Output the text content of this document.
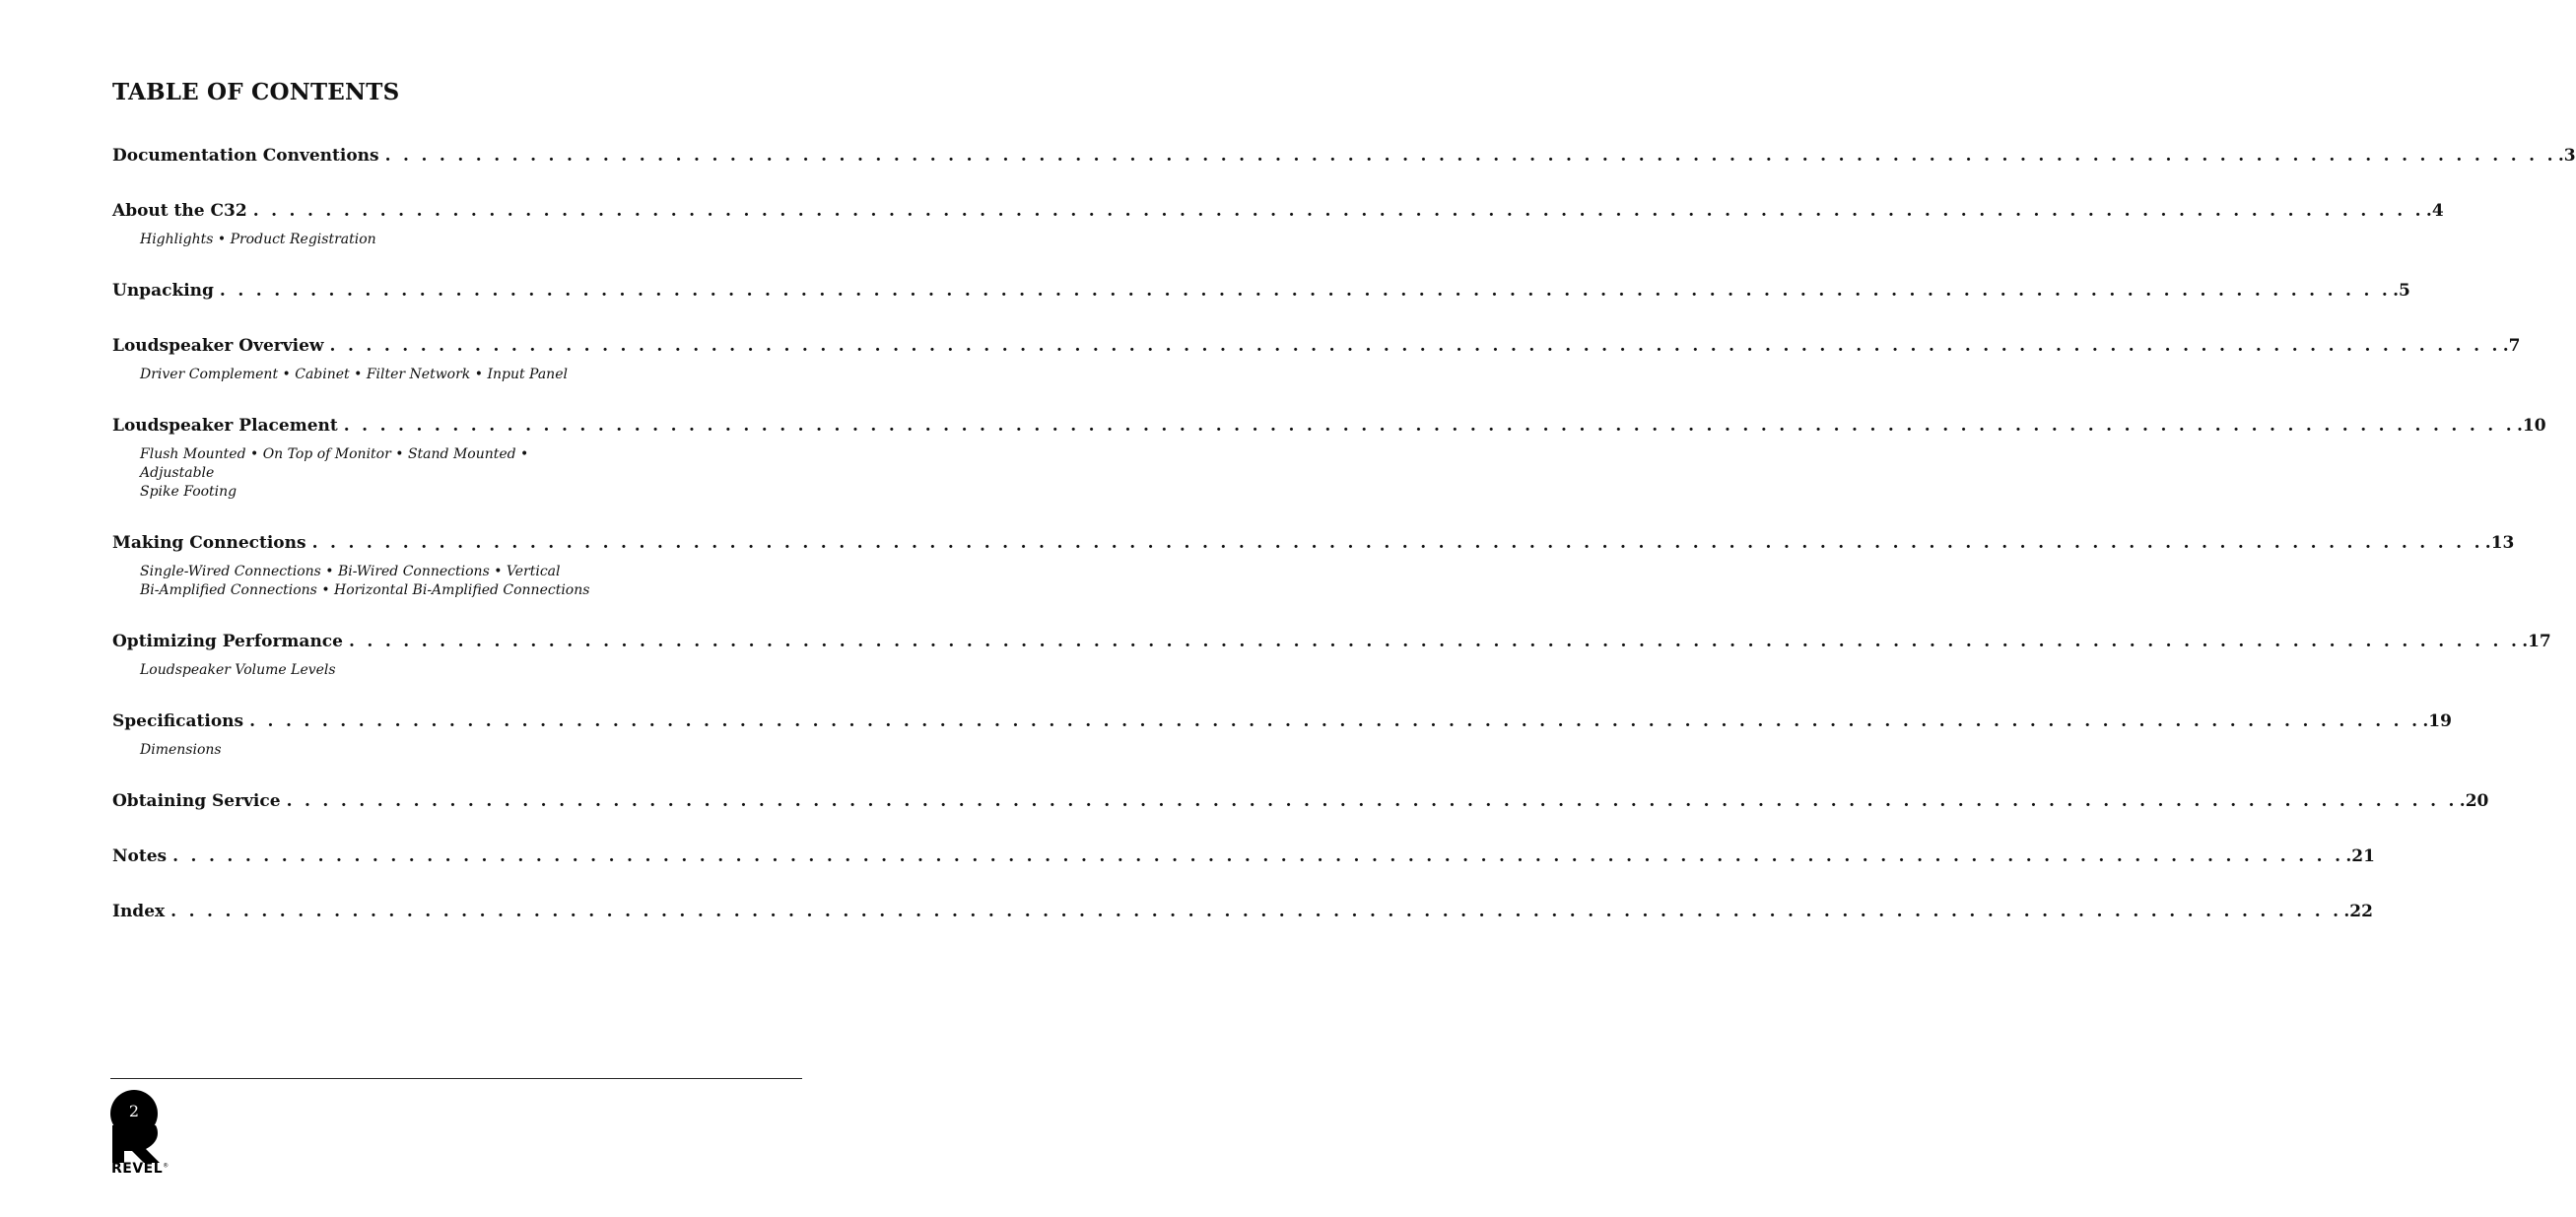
TABLE OF CONTENTS
Documentation Conventions . . . . . . . . . . . . . . . . . . . . . . . . . . . . . . . . . . . . . . . . . . . . . . . . . . . . . . . . . . . . . . . . . . . . . . . . . . . . . . . . . . . . . . . . . . . . . . . . . . . . . . . . . . . . . . . . . . . . . . . . .3
About the C32 . . . . . . . . . . . . . . . . . . . . . . . . . . . . . . . . . . . . . . . . . . . . . . . . . . . . . . . . . . . . . . . . . . . . . . . . . . . . . . . . . . . . . . . . . . . . . . . . . . . . . . . . . . . . . . . . . . . . . . . . .4
Highlights • Product Registration
Unpacking . . . . . . . . . . . . . . . . . . . . . . . . . . . . . . . . . . . . . . . . . . . . . . . . . . . . . . . . . . . . . . . . . . . . . . . . . . . . . . . . . . . . . . . . . . . . . . . . . . . . . . . . . . . . . . . . . . . . . . . . .5
Loudspeaker Overview . . . . . . . . . . . . . . . . . . . . . . . . . . . . . . . . . . . . . . . . . . . . . . . . . . . . . . . . . . . . . . . . . . . . . . . . . . . . . . . . . . . . . . . . . . . . . . . . . . . . . . . . . . . . . . . . . . . . . . . . .7
Driver Complement • Cabinet • Filter Network • Input Panel
Loudspeaker Placement . . . . . . . . . . . . . . . . . . . . . . . . . . . . . . . . . . . . . . . . . . . . . . . . . . . . . . . . . . . . . . . . . . . . . . . . . . . . . . . . . . . . . . . . . . . . . . . . . . . . . . . . . . . . . . . . . . . . . . . . .10
Flush Mounted • On Top of Monitor • Stand Mounted • Adjustable
Spike Footing
Making Connections . . . . . . . . . . . . . . . . . . . . . . . . . . . . . . . . . . . . . . . . . . . . . . . . . . . . . . . . . . . . . . . . . . . . . . . . . . . . . . . . . . . . . . . . . . . . . . . . . . . . . . . . . . . . . . . . . . . . . . . . .13
Single-Wired Connections • Bi-Wired Connections • Vertical
Bi-Amplified Connections • Horizontal Bi-Amplified Connections
Optimizing Performance . . . . . . . . . . . . . . . . . . . . . . . . . . . . . . . . . . . . . . . . . . . . . . . . . . . . . . . . . . . . . . . . . . . . . . . . . . . . . . . . . . . . . . . . . . . . . . . . . . . . . . . . . . . . . . . . . . . . . . . . .17
Loudspeaker Volume Levels
Specifications . . . . . . . . . . . . . . . . . . . . . . . . . . . . . . . . . . . . . . . . . . . . . . . . . . . . . . . . . . . . . . . . . . . . . . . . . . . . . . . . . . . . . . . . . . . . . . . . . . . . . . . . . . . . . . . . . . . . . . . . .19
Dimensions
Obtaining Service . . . . . . . . . . . . . . . . . . . . . . . . . . . . . . . . . . . . . . . . . . . . . . . . . . . . . . . . . . . . . . . . . . . . . . . . . . . . . . . . . . . . . . . . . . . . . . . . . . . . . . . . . . . . . . . . . . . . . . . . .20
Notes . . . . . . . . . . . . . . . . . . . . . . . . . . . . . . . . . . . . . . . . . . . . . . . . . . . . . . . . . . . . . . . . . . . . . . . . . . . . . . . . . . . . . . . . . . . . . . . . . . . . . . . . . . . . . . . . . . . . . . . . .21
Index . . . . . . . . . . . . . . . . . . . . . . . . . . . . . . . . . . . . . . . . . . . . . . . . . . . . . . . . . . . . . . . . . . . . . . . . . . . . . . . . . . . . . . . . . . . . . . . . . . . . . . . . . . . . . . . . . . . . . . . . .22
2
REVEL®
